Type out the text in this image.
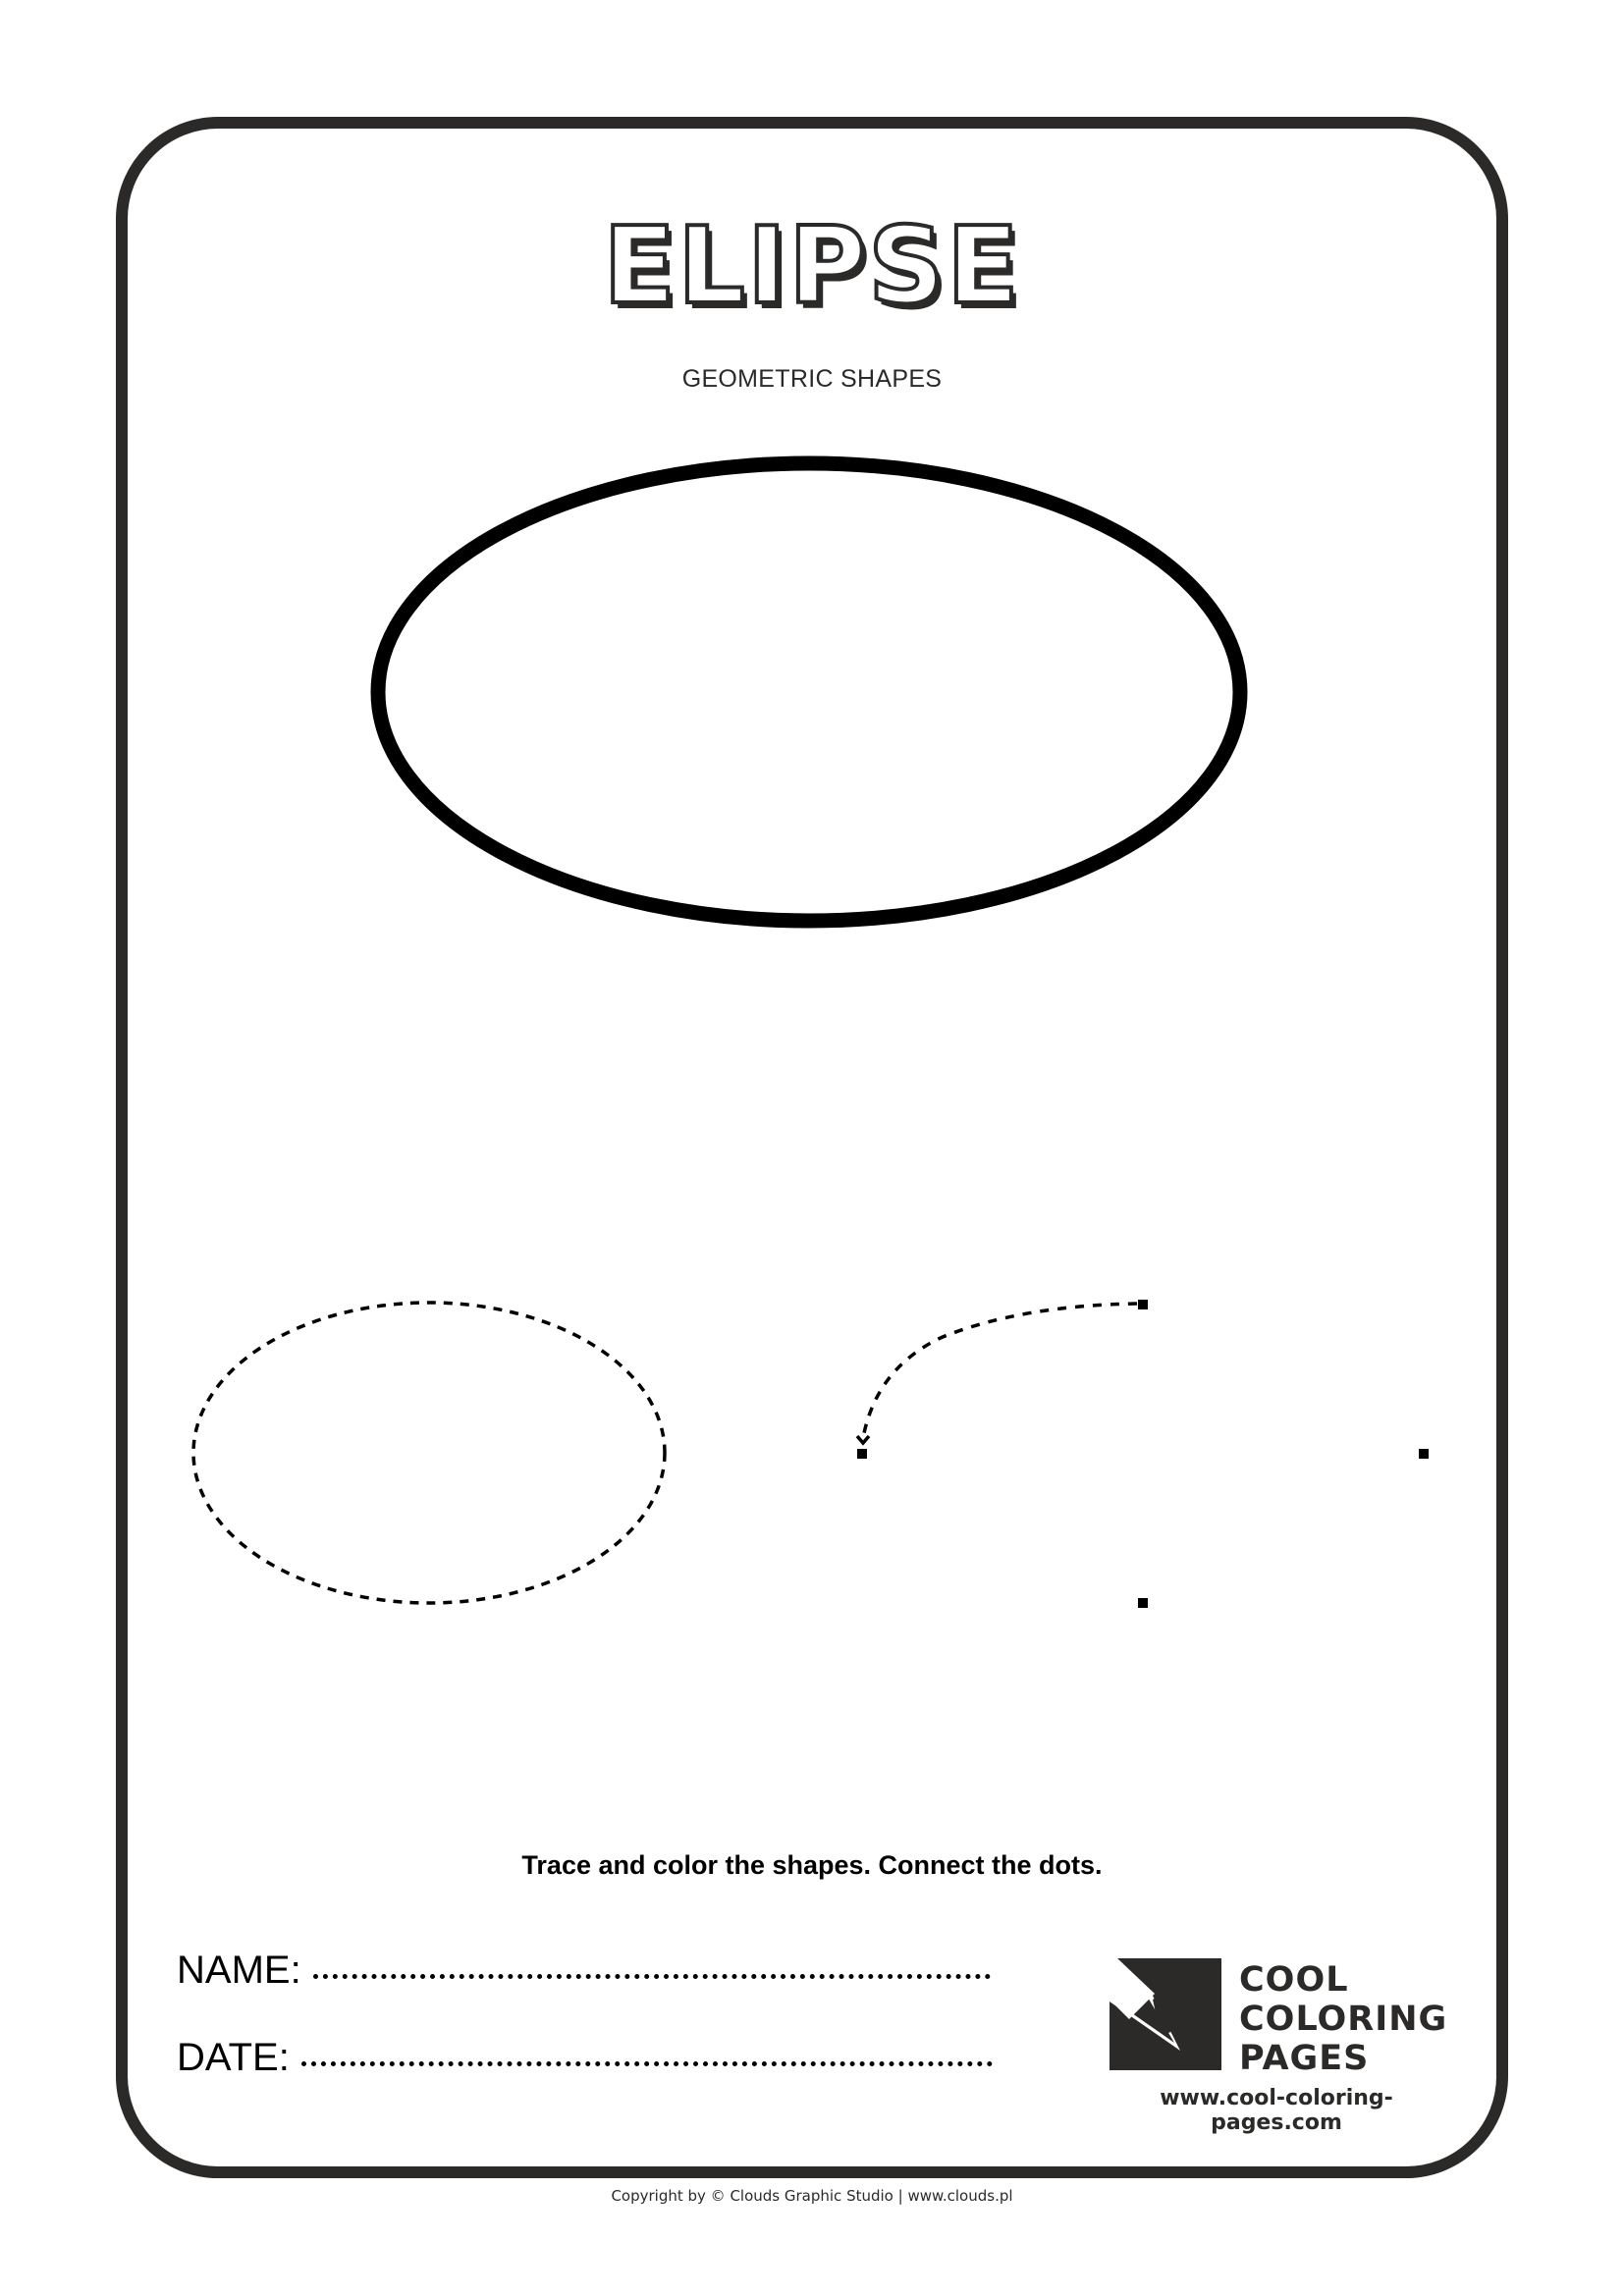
ELIPSE
GEOMETRIC SHAPES
Trace and color the shapes. Connect the dots.
NAME:
DATE:
COOL
COLORING
PAGES
www.cool-coloring-pages.com
Copyright by © Clouds Graphic Studio | www.clouds.pl
